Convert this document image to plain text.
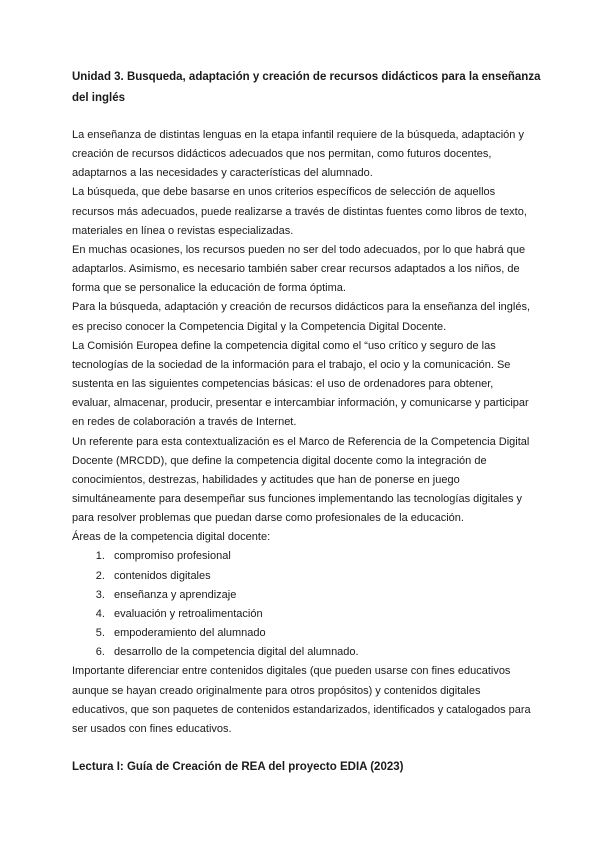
Unidad 3. Busqueda, adaptación y creación de recursos didácticos para la enseñanza del inglés

La enseñanza de distintas lenguas en la etapa infantil requiere de la búsqueda, adaptación y creación de recursos didácticos adecuados que nos permitan, como futuros docentes, adaptarnos a las necesidades y características del alumnado.

La búsqueda, que debe basarse en unos criterios específicos de selección de aquellos recursos más adecuados, puede realizarse a través de distintas fuentes como libros de texto, materiales en línea o revistas especializadas.

En muchas ocasiones, los recursos pueden no ser del todo adecuados, por lo que habrá que adaptarlos. Asimismo, es necesario también saber crear recursos adaptados a los niños, de forma que se personalice la educación de forma óptima.

Para la búsqueda, adaptación y creación de recursos didácticos para la enseñanza del inglés, es preciso conocer la Competencia Digital y la Competencia Digital Docente.

La Comisión Europea define la competencia digital como el “uso crítico y seguro de las tecnologías de la sociedad de la información para el trabajo, el ocio y la comunicación. Se sustenta en las siguientes competencias básicas: el uso de ordenadores para obtener, evaluar, almacenar, producir, presentar e intercambiar información, y comunicarse y participar en redes de colaboración a través de Internet.

Un referente para esta contextualización es el Marco de Referencia de la Competencia Digital Docente (MRCDD), que define la competencia digital docente como la integración de conocimientos, destrezas, habilidades y actitudes que han de ponerse en juego simultáneamente para desempeñar sus funciones implementando las tecnologías digitales y para resolver problemas que puedan darse como profesionales de la educación.

Áreas de la competencia digital docente:

1. compromiso profesional
2. contenidos digitales
3. enseñanza y aprendizaje
4. evaluación y retroalimentación
5. empoderamiento del alumnado
6. desarrollo de la competencia digital del alumnado.

Importante diferenciar entre contenidos digitales (que pueden usarse con fines educativos aunque se hayan creado originalmente para otros propósitos) y contenidos digitales educativos, que son paquetes de contenidos estandarizados, identificados y catalogados para ser usados con fines educativos.

Lectura I: Guía de Creación de REA del proyecto EDIA (2023)
